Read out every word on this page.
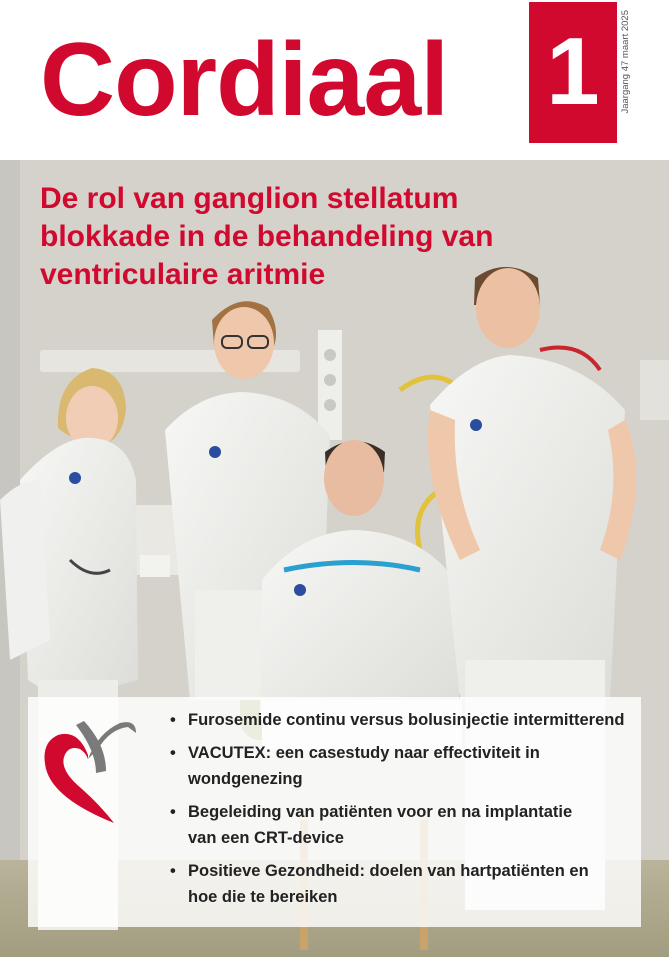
Cordiaal 1	Jaargang 47 maart 2025
De rol van ganglion stellatum
blokkade in de behandeling van
ventriculaire aritmie
• Furosemide continu versus bolusinjectie intermitterend
• VACUTEX: een casestudy naar effectiviteit in
wondgenezing
• Begeleiding van patiënten voor en na implantatie
van een CRT-device
• Positieve Gezondheid: doelen van hartpatiënten en
hoe die te bereiken
